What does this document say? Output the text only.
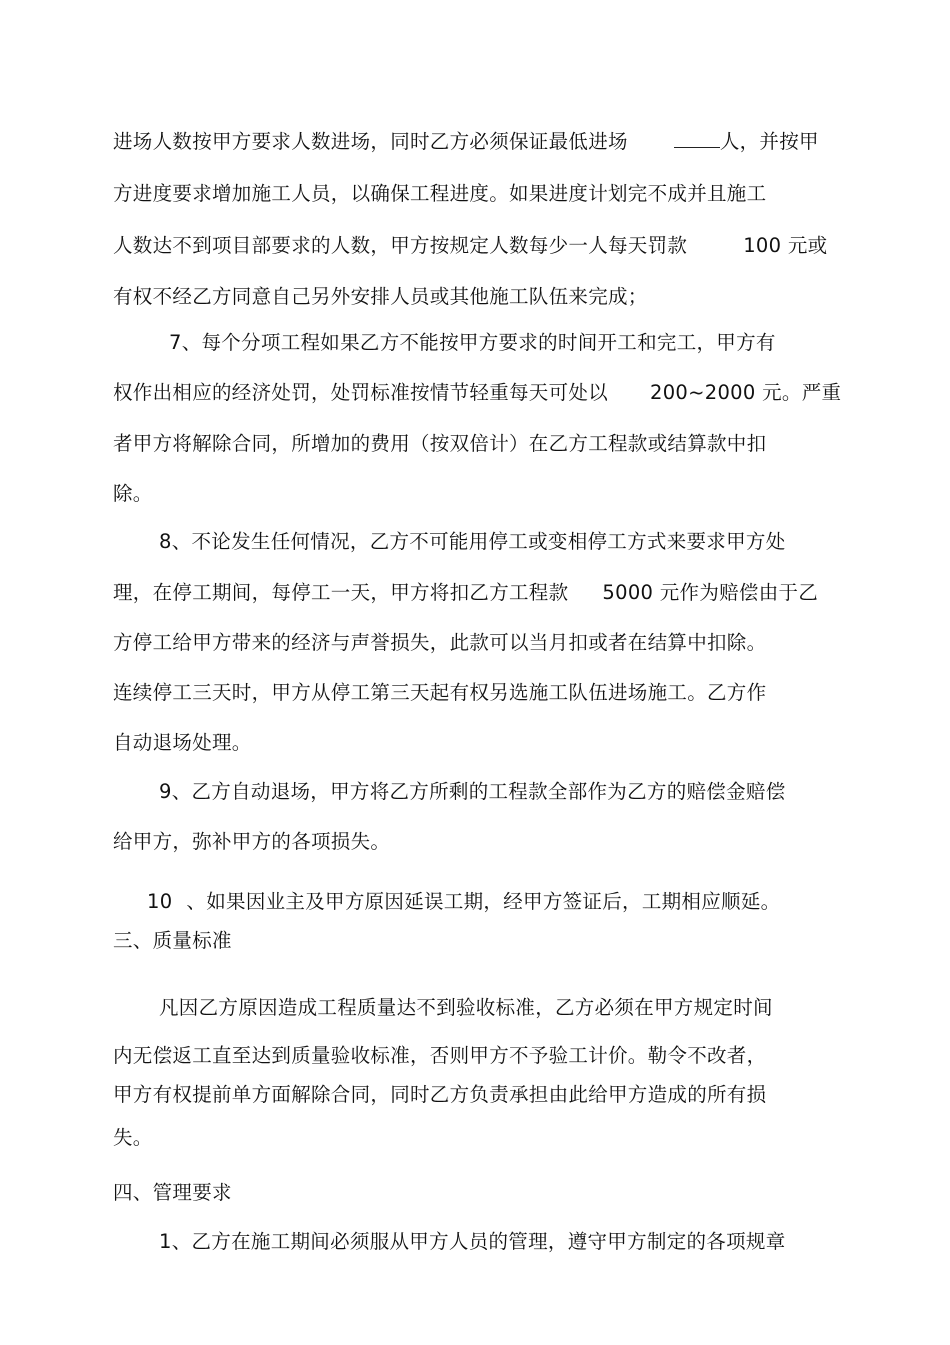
进场人数按甲方要求人数进场，同时乙方必须保证最低进场	人，并按甲
方进度要求增加施工人员，以确保工程进度。如果进度计划完不成并且施工
人数达不到项目部要求的人数，甲方按规定人数每少一人每天罚款	100 元或
有权不经乙方同意自己另外安排人员或其他施工队伍来完成；
7、每个分项工程如果乙方不能按甲方要求的时间开工和完工，甲方有
权作出相应的经济处罚，处罚标准按情节轻重每天可处以 200~2000 元。严重
者甲方将解除合同，所增加的费用（按双倍计）在乙方工程款或结算款中扣
除。
8、不论发生任何情况，乙方不可能用停工或变相停工方式来要求甲方处
理，在停工期间，每停工一天，甲方将扣乙方工程款 5000 元作为赔偿由于乙
方停工给甲方带来的经济与声誉损失，此款可以当月扣或者在结算中扣除。
连续停工三天时，甲方从停工第三天起有权另选施工队伍进场施工。乙方作
自动退场处理。
9、乙方自动退场，甲方将乙方所剩的工程款全部作为乙方的赔偿金赔偿
给甲方，弥补甲方的各项损失。
10 、如果因业主及甲方原因延误工期，经甲方签证后，工期相应顺延。
三、质量标准
凡因乙方原因造成工程质量达不到验收标准，乙方必须在甲方规定时间
内无偿返工直至达到质量验收标准，否则甲方不予验工计价。勒令不改者，
甲方有权提前单方面解除合同，同时乙方负责承担由此给甲方造成的所有损
失。
四、管理要求
1、乙方在施工期间必须服从甲方人员的管理，遵守甲方制定的各项规章
